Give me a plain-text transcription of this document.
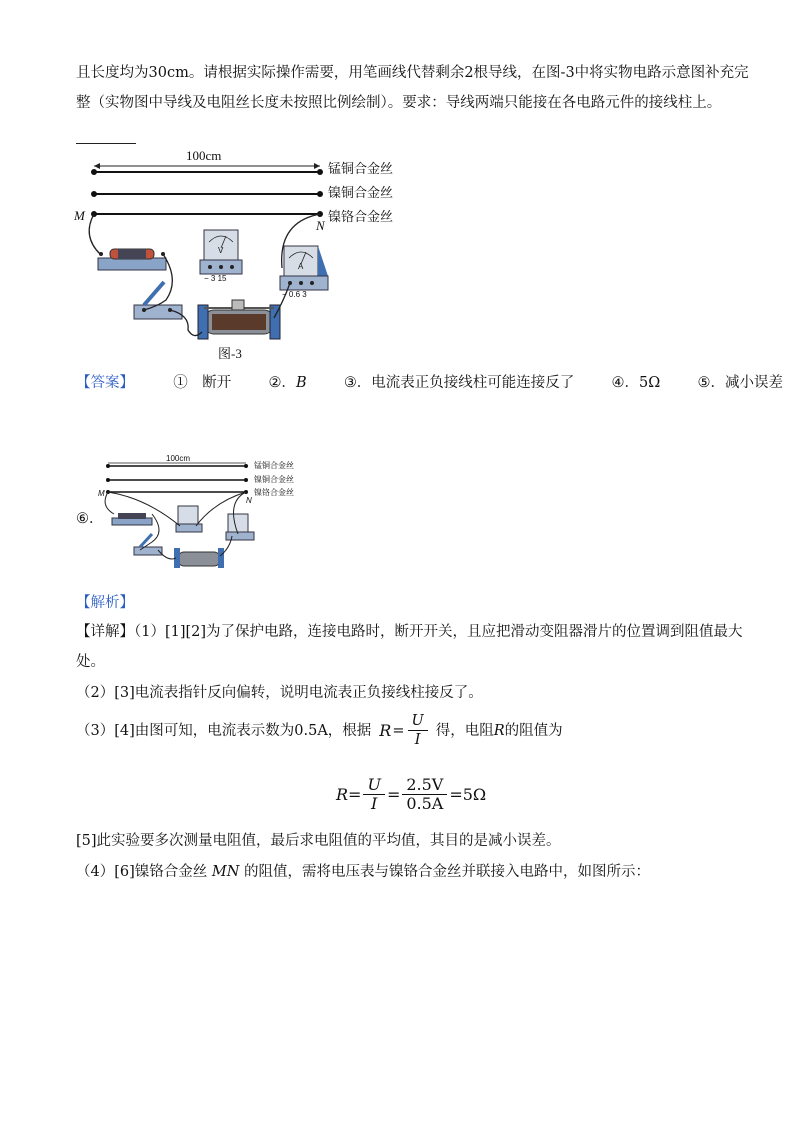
且长度均为30cm。请根据实际操作需要，用笔画线代替剩余2根导线，在图-3中将实物电路示意图补充完
整（实物图中导线及电阻丝长度未按照比例绘制）。要求：导线两端只能接在各电路元件的接线柱上。
100cm
锰铜合金丝
镍铜合金丝
镍铬合金丝
M
N
V
− 3 15
A
− 0.6 3
图-3
【答案】	①　断开	②．B	③．电流表正负接线柱可能连接反了	④．5Ω	⑤．减小误差
⑥．
100cm
锰铜合金丝
镍铜合金丝
镍铬合金丝
M
N
【解析】
【详解】（1）[1][2]为了保护电路，连接电路时，断开开关，且应把滑动变阻器滑片的位置调到阻值最大
处。
（2）[3]电流表指针反向偏转，说明电流表正负接线柱接反了。
（3）[4]由图可知，电流表示数为0.5A，根据 $R = \frac{U}{I}$ 得，电阻 R 的阻值为
$R = \frac{U}{I} = \frac{2.5V}{0.5A} =5\Omega$
[5]此实验要多次测量电阻值，最后求电阻值的平均值，其目的是减小误差。
（4）[6]镍铬合金丝 MN 的阻值，需将电压表与镍铬合金丝并联接入电路中，如图所示：
